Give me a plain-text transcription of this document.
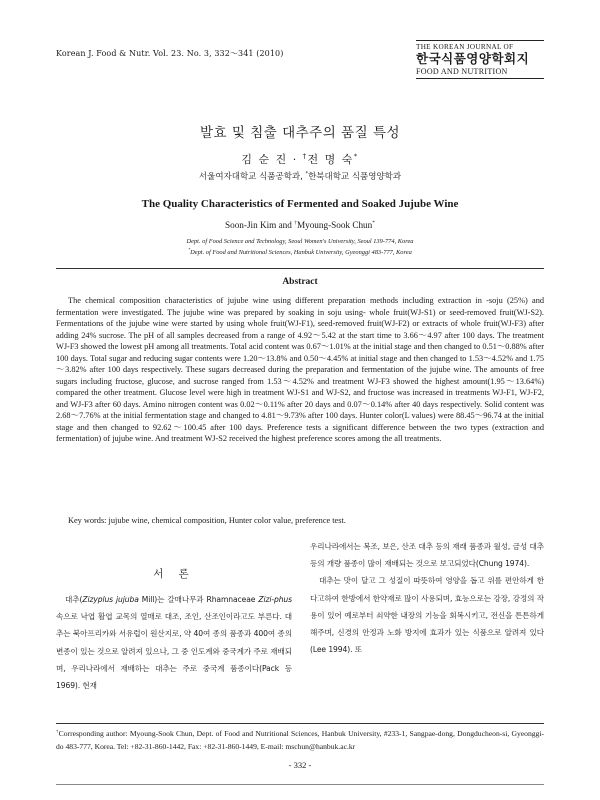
Korean J. Food & Nutr. Vol. 23. No. 3, 332～341 (2010)
THE KOREAN JOURNAL OF
한국식품영양학회지
FOOD AND NUTRITION
발효 및 침출 대추주의 품질 특성
김 순 진 · †전 명 숙*
서울여자대학교 식품공학과, *한북대학교 식품영양학과
The Quality Characteristics of Fermented and Soaked Jujube Wine
Soon-Jin Kim and †Myoung-Sook Chun*
Dept. of Food Science and Technology, Seoul Women's University, Seoul 139-774, Korea
*Dept. of Food and Nutritional Sciences, Hanbuk University, Gyeonggi 483-777, Korea
Abstract
The chemical composition characteristics of jujube wine using different preparation methods including extraction in -soju (25%) and fermentation were investigated. The jujube wine was prepared by soaking in soju using- whole fruit(WJ-S1) or seed-removed fruit(WJ-S2). Fermentations of the jujube wine were started by using whole fruit(WJ-F1), seed-removed fruit(WJ-F2) or extracts of whole fruit(WJ-F3) after adding 24% sucrose. The pH of all samples decreased from a range of 4.92～5.42 at the start time to 3.66～4.97 after 100 days. The treatment WJ-F3 showed the lowest pH among all treatments. Total acid content was 0.67～1.01% at the initial stage and then changed to 0.51～0.88% after 100 days. Total sugar and reducing sugar contents were 1.20～13.8% and 0.50～4.45% at initial stage and then changed to 1.53～4.52% and 1.75～3.82% after 100 days respectively. These sugars decreased during the preparation and fermentation of the jujube wine. The amounts of free sugars including fructose, glucose, and sucrose ranged from 1.53～4.52% and treatment WJ-F3 showed the highest amount(1.95～13.64%) compared the other treatment. Glucose level were high in treatment WJ-S1 and WJ-S2, and fructose was increased in treatments WJ-F1, WJ-F2, and WJ-F3 after 60 days. Amino nitrogen content was 0.02～0.11% after 20 days and 0.07～0.14% after 40 days respectively. Solid content was 2.68～7.76% at the initial fermentation stage and changed to 4.81～9.73% after 100 days. Hunter color(L values) were 88.45～96.74 at the initial stage and then changed to 92.62～100.45 after 100 days. Preference tests a significant difference between the two types (extraction and fermentation) of jujube wine. And treatment WJ-S2 received the highest preference scores among the all treatments.
Key words: jujube wine, chemical composition, Hunter color value, preference test.
서 론

대추(Zizyplus jujuba Mill)는 갈매나무과 Rhamnaceae Zizi-phus 속으로 낙엽 활엽 교목의 열매로 대조, 조인, 산조인이라고도 부른다. 대추는 북아프리카와 서유럽이 원산지로, 약 40여 종의 품종과 400여 종의 변종이 있는 것으로 알려져 있으나, 그 중 인도계와 중국계가 주로 재배되며, 우리나라에서 재배하는 대추는 주로 중국계 품종이다(Pack 등 1969). 현재

우리나라에서는 복조, 보은, 산조 대추 등의 재래 품종과 월성, 금성 대추 등의 개량 품종이 많이 재배되는 것으로 보고되었다(Chung 1974).

대추는 맛이 달고 그 성질이 따뜻하여 영양을 돕고 위를 편안하게 한다고하여 한방에서 한약재로 많이 사용되며, 효능으로는 강장, 강정의 작용이 있어 예로부터 쇠약한 내장의 기능을 회복시키고, 전신을 튼튼하게 해주며, 신경의 안정과 노화 방지에 효과가 있는 식품으로 알려져 있다(Lee 1994). 또

†Corresponding author: Myoung-Sook Chun, Dept. of Food and Nutritional Sciences, Hanbuk University, #233-1, Sangpae-dong, Dongducheon-si, Gyeonggi-do 483-777, Korea. Tel: +82-31-860-1442, Fax: +82-31-860-1449, E-mail: mschun@hanbuk.ac.kr
- 332 -
